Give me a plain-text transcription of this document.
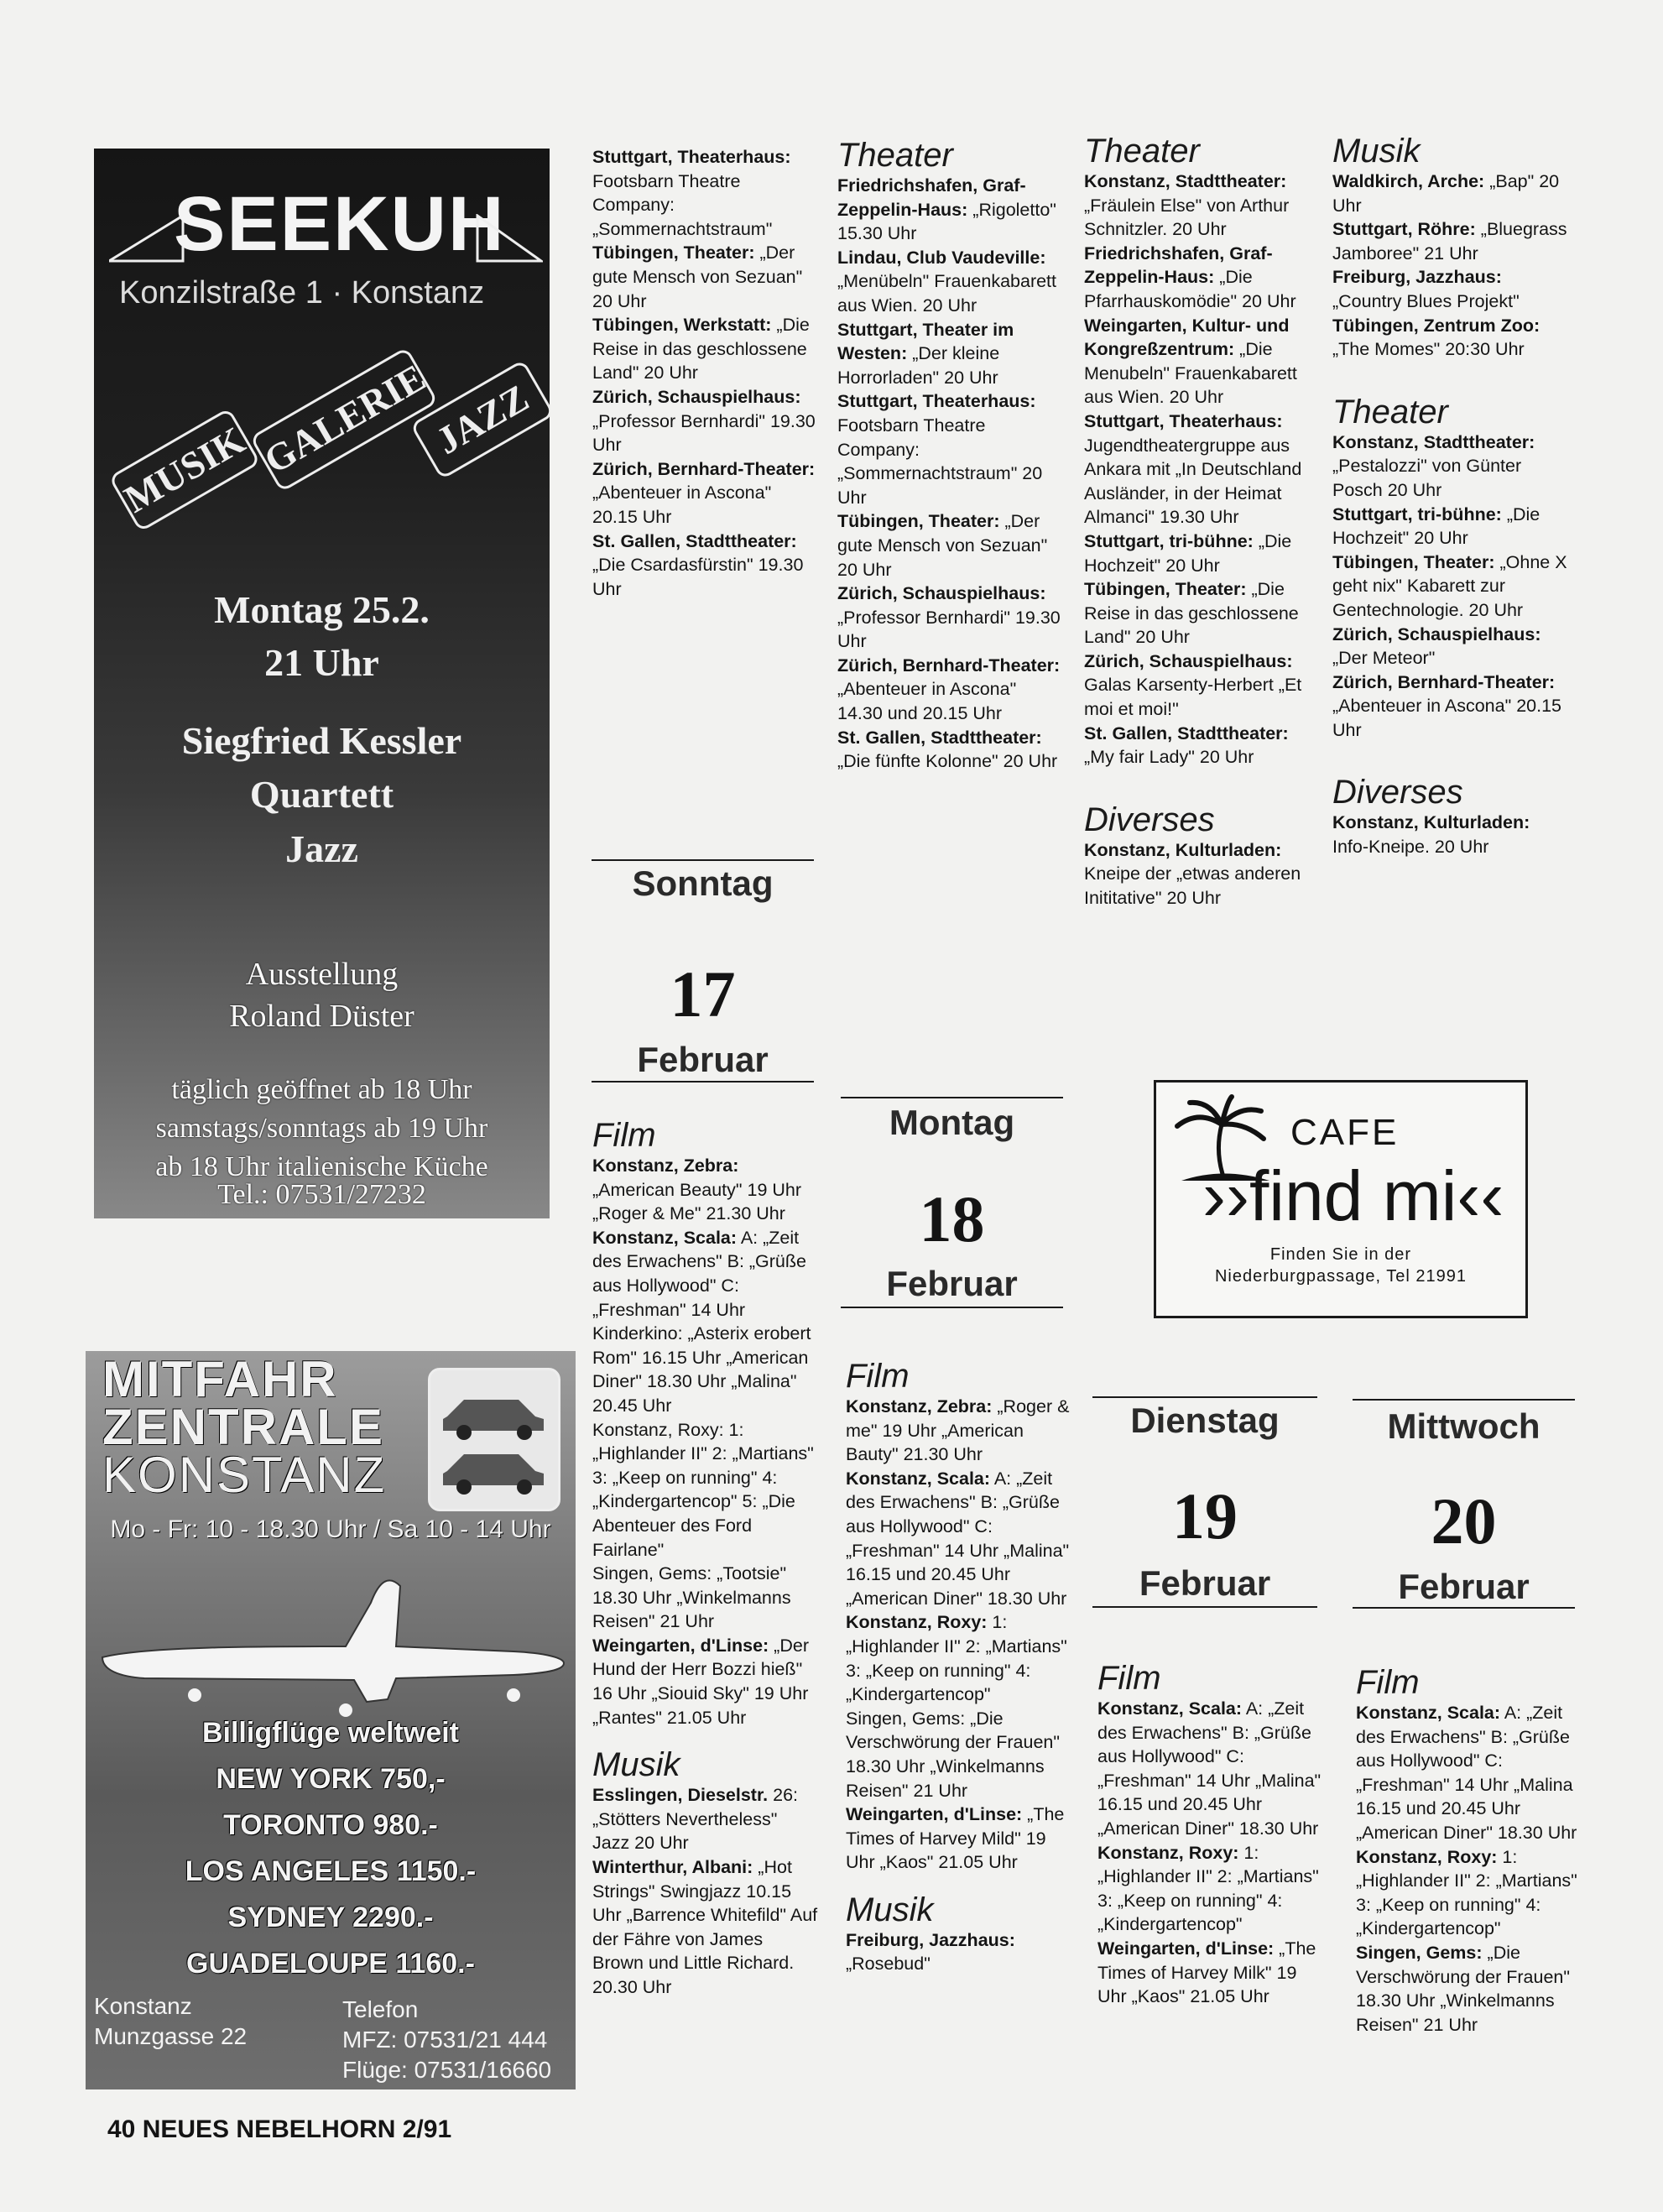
SEEKUH
Konzilstraße 1 · Konstanz
MUSIK GALERIE
JAZZ
Montag 25.2.
21 Uhr
Siegfried Kessler
Quartett
Jazz
Ausstellung
Roland Düster
täglich geöffnet ab 18 Uhr
samstags/sonntags ab 19 Uhr
ab 18 Uhr italienische Küche
Tel.: 07531/27232
MITFAHR
ZENTRALE
KONSTANZ
Mo - Fr: 10 - 18.30 Uhr / Sa 10 - 14 Uhr
Billigflüge weltweit
NEW YORK 750,-
TORONTO 980.-
LOS ANGELES 1150.-
SYDNEY 2290.-
GUADELOUPE 1160.-
Konstanz
Munzgasse 22
Telefon
MFZ: 07531/21 444
Flüge: 07531/16660
CAFE
››find mi‹‹
Finden Sie in der
Niederburgpassage, Tel 21991
Stuttgart, Theaterhaus: Footsbarn Theatre Company: „Sommernachtstraum"
Tübingen, Theater: „Der gute Mensch von Sezuan" 20 Uhr
Tübingen, Werkstatt: „Die Reise in das geschlossene Land" 20 Uhr
Zürich, Schauspielhaus: „Professor Bernhardi" 19.30 Uhr
Zürich, Bernhard-Theater: „Abenteuer in Ascona" 20.15 Uhr
St. Gallen, Stadttheater: „Die Csardasfürstin" 19.30 Uhr
Sonntag
17
Februar
Film
Konstanz, Zebra: „American Beauty" 19 Uhr „Roger & Me" 21.30 Uhr
Konstanz, Scala: A: „Zeit des Erwachens" B: „Grüße aus Hollywood" C: „Freshman" 14 Uhr Kinderkino: „Asterix erobert Rom" 16.15 Uhr „American Diner" 18.30 Uhr „Malina" 20.45 Uhr
Konstanz, Roxy: 1: „Highlander II" 2: „Martians" 3: „Keep on running" 4: „Kindergartencop" 5: „Die Abenteuer des Ford Fairlane"
Singen, Gems: „Tootsie" 18.30 Uhr „Winkelmanns Reisen" 21 Uhr
Weingarten, d'Linse: „Der Hund der Herr Bozzi hieß" 16 Uhr „Siouid Sky" 19 Uhr „Rantes" 21.05 Uhr
Musik
Esslingen, Dieselstr. 26: „Stötters Nevertheless" Jazz 20 Uhr
Winterthur, Albani: „Hot Strings" Swingjazz 10.15 Uhr „Barrence Whitefild" Auf der Fähre von James Brown und Little Richard. 20.30 Uhr
Theater
Friedrichshafen, Graf-Zeppelin-Haus: „Rigoletto" 15.30 Uhr
Lindau, Club Vaudeville: „Menübeln" Frauenkabarett aus Wien. 20 Uhr
Stuttgart, Theater im Westen: „Der kleine Horrorladen" 20 Uhr
Stuttgart, Theaterhaus: Footsbarn Theatre Company: „Sommernachtstraum" 20 Uhr
Tübingen, Theater: „Der gute Mensch von Sezuan" 20 Uhr
Zürich, Schauspielhaus: „Professor Bernhardi" 19.30 Uhr
Zürich, Bernhard-Theater: „Abenteuer in Ascona" 14.30 und 20.15 Uhr
St. Gallen, Stadttheater: „Die fünfte Kolonne" 20 Uhr
Montag
18
Februar
Film
Konstanz, Zebra: „Roger & me" 19 Uhr „American Bauty" 21.30 Uhr
Konstanz, Scala: A: „Zeit des Erwachens" B: „Grüße aus Hollywood" C: „Freshman" 14 Uhr „Malina" 16.15 und 20.45 Uhr „American Diner" 18.30 Uhr
Konstanz, Roxy: 1: „Highlander II" 2: „Martians" 3: „Keep on running" 4: „Kindergartencop"
Singen, Gems: „Die Verschwörung der Frauen" 18.30 Uhr „Winkelmanns Reisen" 21 Uhr
Weingarten, d'Linse: „The Times of Harvey Mild" 19 Uhr „Kaos" 21.05 Uhr
Musik
Freiburg, Jazzhaus: „Rosebud"
Theater
Konstanz, Stadttheater: „Fräulein Else" von Arthur Schnitzler. 20 Uhr
Friedrichshafen, Graf-Zeppelin-Haus: „Die Pfarrhauskomödie" 20 Uhr
Weingarten, Kultur- und Kongreßzentrum: „Die Menubeln" Frauenkabarett aus Wien. 20 Uhr
Stuttgart, Theaterhaus: Jugendtheatergruppe aus Ankara mit „In Deutschland Ausländer, in der Heimat Almanci" 19.30 Uhr
Stuttgart, tri-bühne: „Die Hochzeit" 20 Uhr
Tübingen, Theater: „Die Reise in das geschlossene Land" 20 Uhr
Zürich, Schauspielhaus: Galas Karsenty-Herbert „Et moi et moi!"
St. Gallen, Stadttheater: „My fair Lady" 20 Uhr
Diverses
Konstanz, Kulturladen: Kneipe der „etwas anderen Inititative" 20 Uhr
Dienstag
19
Februar
Film
Konstanz, Scala: A: „Zeit des Erwachens" B: „Grüße aus Hollywood" C: „Freshman" 14 Uhr „Malina" 16.15 und 20.45 Uhr „American Diner" 18.30 Uhr
Konstanz, Roxy: 1: „Highlander II" 2: „Martians" 3: „Keep on running" 4: „Kindergartencop"
Weingarten, d'Linse: „The Times of Harvey Milk" 19 Uhr „Kaos" 21.05 Uhr
Musik
Waldkirch, Arche: „Bap" 20 Uhr
Stuttgart, Röhre: „Bluegrass Jamboree" 21 Uhr
Freiburg, Jazzhaus: „Country Blues Projekt"
Tübingen, Zentrum Zoo: „The Momes" 20:30 Uhr
Theater
Konstanz, Stadttheater: „Pestalozzi" von Günter Posch 20 Uhr
Stuttgart, tri-bühne: „Die Hochzeit" 20 Uhr
Tübingen, Theater: „Ohne X geht nix" Kabarett zur Gentechnologie. 20 Uhr
Zürich, Schauspielhaus: „Der Meteor"
Zürich, Bernhard-Theater: „Abenteuer in Ascona" 20.15 Uhr
Diverses
Konstanz, Kulturladen: Info-Kneipe. 20 Uhr
Mittwoch
20
Februar
Film
Konstanz, Scala: A: „Zeit des Erwachens" B: „Grüße aus Hollywood" C: „Freshman" 14 Uhr „Malina 16.15 und 20.45 Uhr „American Diner" 18.30 Uhr
Konstanz, Roxy: 1: „Highlander II" 2: „Martians" 3: „Keep on running" 4: „Kindergartencop"
Singen, Gems: „Die Verschwörung der Frauen" 18.30 Uhr „Winkelmanns Reisen" 21 Uhr
40 NEUES NEBELHORN 2/91
